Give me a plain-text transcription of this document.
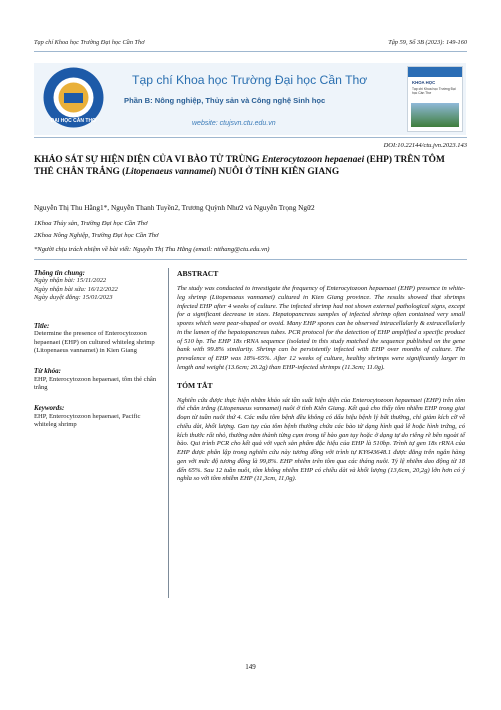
Tạp chí Khoa học Trường Đại học Cần Thơ	Tập 59, Số 3B (2023): 149-160
ĐẠI HỌC CẦN THƠ
Tạp chí Khoa học Trường Đại học Cần Thơ
Phần B: Nông nghiệp, Thủy sản và Công nghệ Sinh học
website: ctujsvn.ctu.edu.vn
KHOA HỌC
Tạp chí Khoa học Trường Đại học Cần Thơ
DOI:10.22144/ctu.jvn.2023.143
KHẢO SÁT SỰ HIỆN DIỆN CỦA VI BÀO TỬ TRÙNG Enterocytozoon hepaenaei (EHP) TRÊN TÔM THẺ CHÂN TRẮNG (Litopenaeus vannamei) NUÔI Ở TỈNH KIÊN GIANG
Nguyễn Thị Thu Hằng1*, Nguyễn Thanh Tuyền2, Trương Quỳnh Như2 và Nguyễn Trọng Ngữ2
1Khoa Thủy sản, Trường Đại học Cần Thơ
2Khoa Nông Nghiệp, Trường Đại học Cần Thơ
*Người chịu trách nhiệm về bài viết: Nguyễn Thị Thu Hằng (email: ntthang@ctu.edu.vn)
Thông tin chung:
Ngày nhận bài: 15/11/2022
Ngày nhận bài sửa: 16/12/2022
Ngày duyệt đăng: 15/01/2023
Title:
Determine the presence of Enterocytozoon hepaenaei (EHP) on cultured whiteleg shrimp (Litopenaeus vannamei) in Kien Giang
Từ khóa:
EHP, Enterocytozoon hepaenaei, tôm thẻ chân trắng
Keywords:
EHP, Enterocytozoon hepaenaei, Pacific whiteleg shrimp
ABSTRACT

The study was conducted to investigate the frequency of Enterocytozoon hepaenaei (EHP) presence in white-leg shrimp (Litopenaeus vannamei) cultured in Kien Giang province. The results showed that shrimps infected EHP after 4 weeks of culture. The infected shrimp had not shown external pathological signs, except for a significant decrease in sizes. Hepatopancreas samples of infected shrimp often contained very small spores which were pear-shaped or ovoid. Many EHP spores can be observed intracellularly & extracellularly in the lumen of the hepatopancreas tubes. PCR protocol for the detection of EHP amplified a specific product of 510 bp. The EHP 18s rRNA sequence (isolated in this study matched the sequence published on the gene bank with 99.8% similarity. Shrimp can be persistently infected with EHP over months of culture. The prevalence of EHP was 18%-65%. After 12 weeks of culture, healthy shrimps were significantly larger in length and weight (13.6cm; 20.2g) than EHP-infected shrimps (11.3cm; 11.0g).

TÓM TẮT

Nghiên cứu được thực hiện nhằm khảo sát tần suất hiện diện của Enterocytozoon hepaenaei (EHP) trên tôm thẻ chân trắng (Litopenaeus vannamei) nuôi ở tỉnh Kiên Giang. Kết quả cho thấy tôm nhiễm EHP trong giai đoạn từ tuần nuôi thứ 4. Các mẫu tôm bệnh đều không có dấu hiệu bệnh lý bất thường, chỉ giảm kích cỡ về chiều dài, khối lượng. Gan tụy của tôm bệnh thường chứa các bào tử dạng hình quả lê hoặc hình trứng, có kích thước rất nhỏ, thường nằm thành từng cụm trong tế bào gan tụy hoặc ở dạng tự do riêng rẽ bên ngoài tế bào. Qui trình PCR cho kết quả với vạch sản phẩm đặc hiệu của EHP là 510bp. Trình tự gen 18s rRNA của EHP được phân lập trong nghiên cứu này tương đồng với trình tự KY643648.1 được đăng trên ngân hàng gen với mức độ tương đồng là 99,8%. EHP nhiễm trên tôm qua các tháng nuôi. Tỷ lệ nhiễm dao động từ 18 đến 65%. Sau 12 tuần nuôi, tôm không nhiễm EHP có chiều dài và khối lượng (13,6cm, 20,2g) lớn hơn có ý nghĩa so với tôm nhiễm EHP (11,3cm, 11,0g).

149
